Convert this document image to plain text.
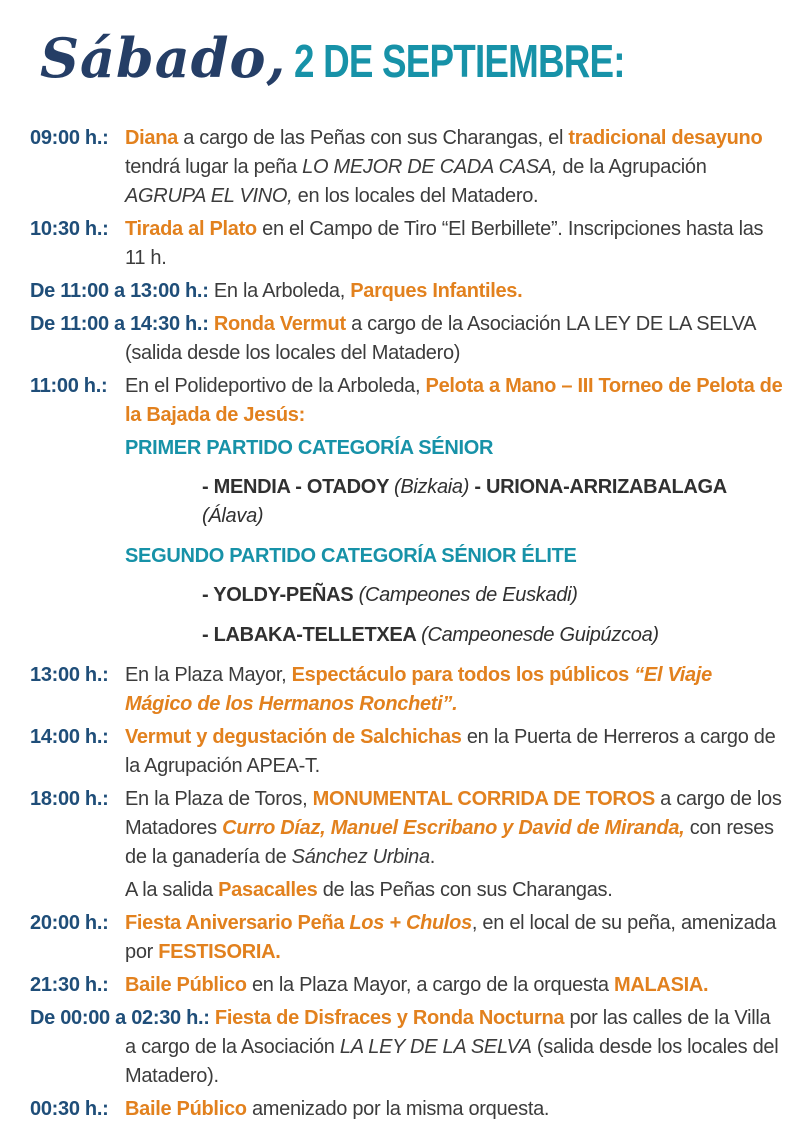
Sábado, 2 DE SEPTIEMBRE:
09:00 h.: Diana a cargo de las Peñas con sus Charangas, el tradicional desayuno tendrá lugar la peña LO MEJOR DE CADA CASA, de la Agrupación AGRUPA EL VINO, en los locales del Matadero.
10:30 h.: Tirada al Plato en el Campo de Tiro “El Berbillete”. Inscripciones hasta las 11 h.
De 11:00 a 13:00 h.: En la Arboleda, Parques Infantiles.
De 11:00 a 14:30 h.: Ronda Vermut a cargo de la Asociación LA LEY DE LA SELVA (salida desde los locales del Matadero)
11:00 h.: En el Polideportivo de la Arboleda, Pelota a Mano – III Torneo de Pelota de la Bajada de Jesús:
PRIMER PARTIDO CATEGORÍA SÉNIOR
- MENDIA - OTADOY (Bizkaia) - URIONA-ARRIZABALAGA (Álava)
SEGUNDO PARTIDO CATEGORÍA SÉNIOR ÉLITE
- YOLDY-PEÑAS (Campeones de Euskadi)
- LABAKA-TELLETXEA (Campeonesde Guipúzcoa)
13:00 h.: En la Plaza Mayor, Espectáculo para todos los públicos “El Viaje Mágico de los Hermanos Roncheti”.
14:00 h.: Vermut y degustación de Salchichas en la Puerta de Herreros a cargo de la Agrupación APEA-T.
18:00 h.: En la Plaza de Toros, MONUMENTAL CORRIDA DE TOROS a cargo de los Matadores Curro Díaz, Manuel Escribano y David de Miranda, con reses de la ganadería de Sánchez Urbina.
A la salida Pasacalles de las Peñas con sus Charangas.
20:00 h.: Fiesta Aniversario Peña Los + Chulos, en el local de su peña, amenizada por FESTISORIA.
21:30 h.: Baile Público en la Plaza Mayor, a cargo de la orquesta MALASIA.
De 00:00 a 02:30 h.: Fiesta de Disfraces y Ronda Nocturna por las calles de la Villa a cargo de la Asociación LA LEY DE LA SELVA (salida desde los locales del Matadero).
00:30 h.: Baile Público amenizado por la misma orquesta.
